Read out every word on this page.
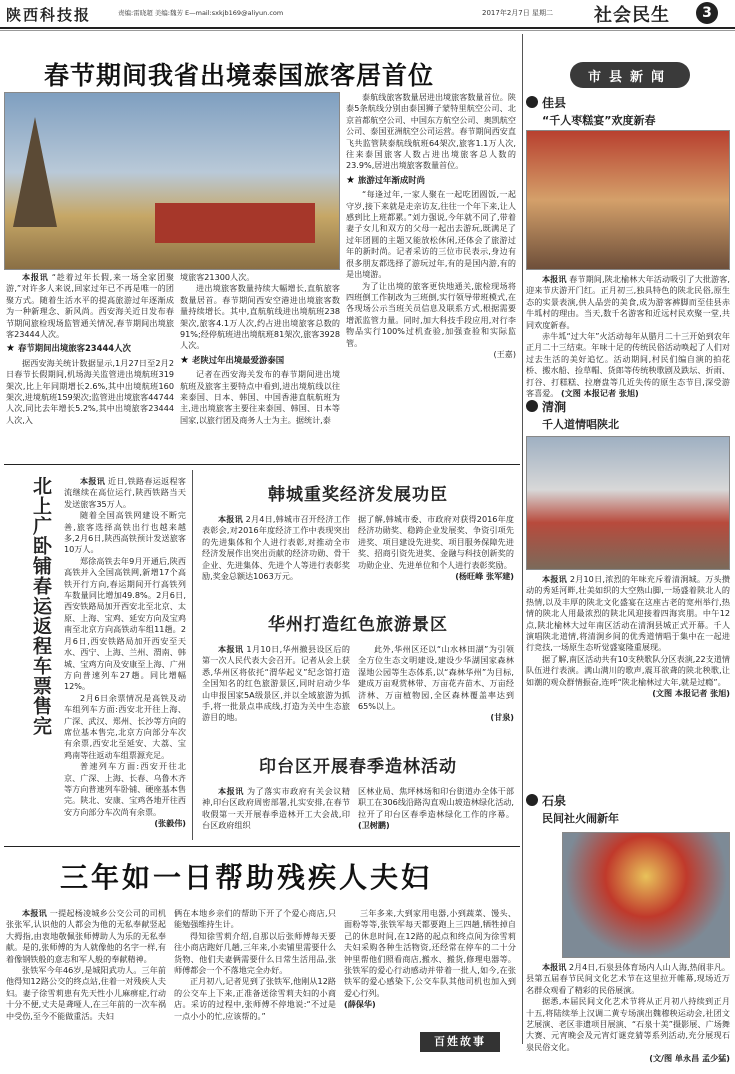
陕西科技报	责编:雷晓超 美编:魏芳 E—mail:sxkjb169@aliyun.com	2017年2月7日 星期二 社会民生	3
春节期间我省出境泰国旅客居首位

本报讯 “趁着过年长假,来一场全家团聚游,”对许多人来说,回家过年已不再是唯一的团聚方式。随着生活水平的提高旅游过年逐渐成为一种新理念、新风尚。西安海关近日发布春节期间旅检现场监管通关情况,春节期间出境旅客23444人次。

★ 春节期间出境旅客23444人次

据西安海关统计数据显示,1月27日至2月2日春节长假期间,机场海关监管进出境航班319架次,比上年同期增长2.6%,其中出境航班160架次,进境航班159架次;监管进出境旅客44744人次,同比去年增长5.2%,其中出境旅客23444人次,入

境旅客21300人次。

进出境旅客数量持续大幅增长,直航旅客数量居首。春节期间西安空港进出境旅客数量持续增长。其中,直航航线进出境航班238架次,旅客4.1万人次,约占进出境旅客总数的91%;经停航班进出境航班81架次,旅客3928人次。

★ 老陕过年出境最爱游泰国

记者在西安海关发布的春节期间进出境航班及旅客主要特点中看到,进出境航线以往来泰国、日本、韩国、中国香港直航航班为主,进出境旅客主要往来泰国、韩国、日本等国家,以旅行团及商务人士为主。据统计,泰

泰航线旅客数量居进出境旅客数量首位。陕泰5条航线分别由泰国狮子蒙特里航空公司、北京首都航空公司、中国东方航空公司、奥凯航空公司、泰国亚洲航空公司运营。春节期间西安直飞共监管陕泰航线航班64架次,旅客1.1万人次,往来泰国旅客人数占进出境旅客总人数的23.9%,居进出境旅客数量首位。

★ 旅游过年渐成时尚

“每逢过年,一家人聚在一起吃团圆饭,一起守岁,接下来就是走亲访友,往往一个年下来,让人感到比上班都累。”刘力强说,今年就不同了,带着妻子女儿和双方的父母一起出去游玩,既满足了过年团圆的主题又能放松休闲,还体会了旅游过年的新时尚。记者采访的三位市民表示,身边有很多朋友都选择了游玩过年,有的是国内游,有的是出境游。

为了让出境的旅客更快地通关,旅检现场将四班倒工作制改为三班倒,实行领导带班模式,在各现场公示当班关员信息及联系方式,根据需要增派监管力量。同时,加大科技手段应用,对行李物品实行100%过机查验,加强查验和实际监管。

(王嘉)
市县新闻
佳县
“千人枣糕宴”欢度新春

本报讯 春节期间,陕北榆林大年活动吸引了大批游客,迎来节庆游开门红。正月初三,独具特色的陕北民俗,原生态的实景表演,供人品尝的美食,成为游客裤脚而至佳县赤牛坬村的理由。当天,数千名游客和近远村民欢聚一堂,共同欢度新春。

赤牛坬“过大年”火活动每年从腊月二十三开始到农年正月二十三结束。年味十足的传统民俗活动唤起了人们对过去生活的美好追忆。活动期间,村民们编自演的拍花桥、搬水船、捡草帽、货郎等传统秧歌剧及跌坛、折雨、打谷、打糕糕、拉磨盘等几近失传的原生态节目,深受游客喜爱。 (文图 本报记者 张旭)

清涧
千人道情唱陕北

本报讯 2月10日,浓烈的年味充斥着清涧城。万头攒动的秀延河畔,壮美如织的大空熟山脚,一场盛着陕北人的热情,以及丰厚的陕北文化盛宴在这座古老的宽州举行,热情的陕北人用最浓烈的陕北风迎接着四海宾朋。中午12点,陕北榆林大过年南区活动在清涧县城正式开幕。千人演唱陕北道情,将清涧乡间的优秀道情唱于集中在一起进行竞技,一场原生态听觉盛宴隆重展现。

据了解,南区活动共有10支秧歌队分区表演,22支道情队伍进行表演。满山满川的歌声,震耳欲聋的陕北秧歌,让如潮的观众群情振奋,连呼“陕北榆林过大年,就是过瘾”。

(文图 本报记者 张旭)
石泉
民间社火闹新年

本报讯 2月4日,石泉县体育场内人山人海,热闹非凡。县第五届春节民间文化艺术节在这里拉开帷幕,现场近万名群众观看了精彩的民俗展演。

据悉,本届民间文化艺术节将从正月初八持续到正月十五,将陆续举上汉调二黄专场演出魏穆秧运动会,社团文艺展演、老区非遗项目展演、“石泉十美”摄影展、广场舞大赛、元宵晚会及元宵灯谜竞猜等系列活动,充分展现石泉民俗文化。

(文/图 单永昌 孟少猛)
北上广卧铺春运返程车票售完	本报讯 近日,铁路春运返程客流继续在高位运行,陕西铁路当天发送旅客35万人。

随着全国高铁网建设不断完善,旅客选择高铁出行也越来越多,2月6日,陕西高铁预计发送旅客10万人。

郑徐高铁去年9月开通后,陕西高铁并入全国高铁网,新增17个高铁开行方向,春运期间开行高铁列车数量同比增加49.8%。2月6日,西安铁路局加开西安北至北京、太原、上海、宝鸡、延安方向及宝鸡南至北京方向高铁动车组11趟。2月6日,西安铁路局加开西安至天水、西宁、上海、兰州、渭南、韩城、宝鸡方向及安康至上海、广州方向普速列车27趟。同比增幅12%。

2月6日余票情况是高铁及动车组列车方面:西安北开往上海、广深、武汉、郑州、长沙等方向的席位基本售完,北京方向部分车次有余票,西安北至延安、大荔、宝鸡南等往返动车组票源充足。

普速列车方面:西安开往北京、广深、上海、长春、乌鲁木齐等方向普速列车卧铺、硬座基本售完。陕北、安康、宝鸡各地开往西安方向部分车次尚有余票。

(张毅伟)
韩城重奖经济发展功臣

本报讯 2月4日,韩城市召开经济工作表彰会,对2016年度经济工作中表现突出的先进集体和个人进行表彰,对推动全市经济发展作出突出贡献的经济功勋、骨干企业、先进集体、先进个人等进行表彰奖励,奖金总额达1063万元。

据了解,韩城市委、市政府对获得2016年度经济功勋奖、稳跨企业发展奖、争资引项先进奖、项目建设先进奖、项目服务保障先进奖、招商引资先进奖、金融与科技创新奖的功勋企业、先进单位和个人进行表彰奖励。

(杨旺峰 张军建)
华州打造红色旅游景区

本报讯 1月10日,华州撤县设区后的第一次人民代表大会召开。记者从会上获悉,华州区将依托“渭华起义”纪念馆打造全国知名的红色旅游景区,同时启动少华山申报国家5A级景区,并以全域旅游为抓手,将一批景点串成线,打造为关中生态旅游目的地。

此外,华州区还以“山水林田湖”为引领全方位生态文明建设,建设少华湖国家森林湿地公园等生态体系,以“森林华州”为目标,建成万亩观赏林带、万亩花卉苗木、万亩经济林、万亩植物园,全区森林覆盖率达到65%以上。

(甘泉)
印台区开展春季造林活动

本报讯 为了落实市政府有关会议精神,印台区政府周密部署,扎实安排,在春节收假第一天开展春季造林开工大会战,印台区政府组织

区林业局、焦坪林场和印台街道办全体干部职工在306线沿路沟直观山坡造林绿化活动,拉开了印台区春季造林绿化工作的序幕。(卫树鹏)

三年如一日帮助残疾人夫妇

本报讯 一提起杨凌城乡公交公司的司机张张军,认识他的人都会为他的无私奉献竖起大拇指,由衷地敬佩张师傅助人为乐的无私奉献。是的,张师傅的为人就像他的名字一样,有着像钢铁般的意志和军人般的奉献精神。

张铁军今年46岁,是城阳武功人。三年前他得知12路公交的终点站,住着一对残疾人夫妇。妻子徐雪莉患有先天性小儿麻痹症,行动十分不便,丈夫是聋哑人,在三年前的一次车祸中受伤,至今不能做重活。夫妇

俩在本地乡亲们的帮助下开了个爱心商店,只能勉强维持生计。

得知徐雪莉介绍,自那以后张师傅每天要往小商店跑好几趟,三年来,小卖铺里需要什么货物、他们夫妻俩需要什么日常生活用品,张师傅都会一个不落地完全办好。

正月初八,记者见到了张铁军,他刚从12路的公交车上下来,正准备送徐雪莉夫妇的小商店。采访的过程中,张师傅不停地说:“不过是一点小小的忙,应该帮的。”

三年多来,大到家用电器,小到蔬菜、馒头、面粉等等,张铁军每天都要跑上三四趟,牺牲掉自己的休息时间,在12路的起点和终点间为徐雪莉夫妇采购各种生活物资,还经常在停车的二十分钟里帮他们照看商店,搬水、搬货,修理电器等。张铁军的爱心行动感动并带着一批人,如今,在张铁军的爱心感染下,公交车队其他司机也加入到爱心行列。

(薛保华)
百姓故事
